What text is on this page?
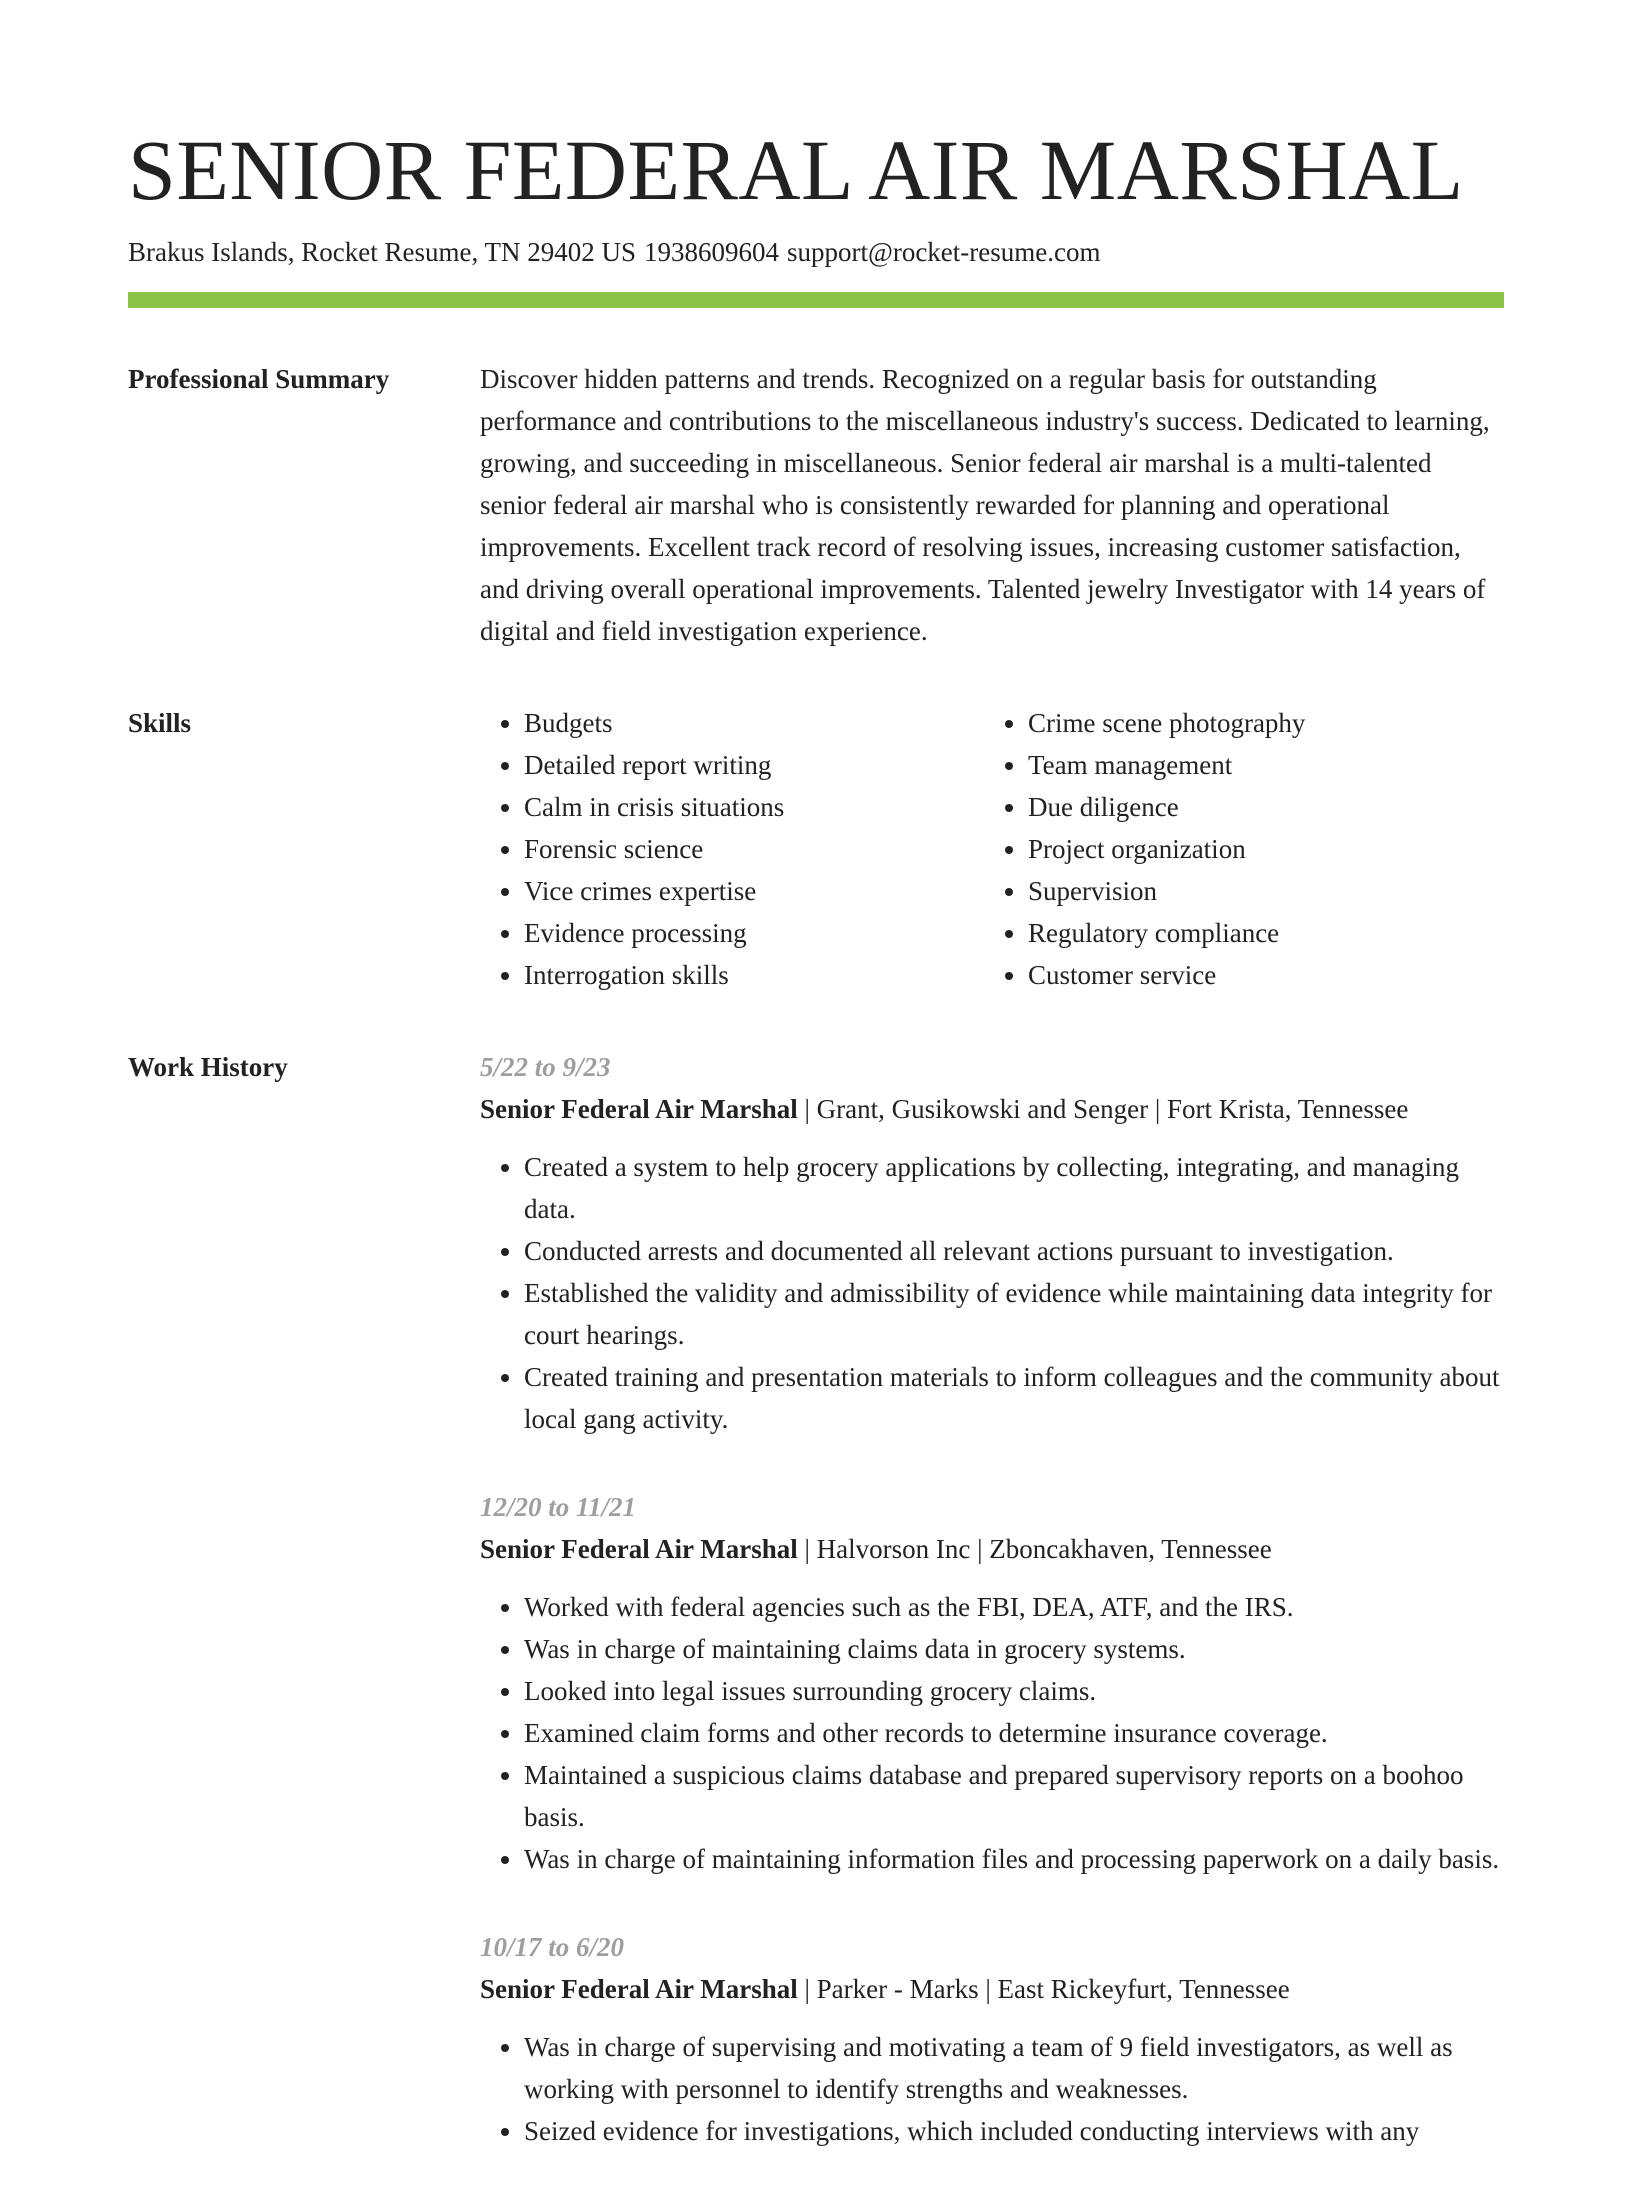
SENIOR FEDERAL AIR MARSHAL
Brakus Islands, Rocket Resume, TN 29402 US 1938609604 support@rocket-resume.com
Professional Summary	Discover hidden patterns and trends. Recognized on a regular basis for outstanding performance and contributions to the miscellaneous industry's success. Dedicated to learning, growing, and succeeding in miscellaneous. Senior federal air marshal is a multi-talented senior federal air marshal who is consistently rewarded for planning and operational improvements. Excellent track record of resolving issues, increasing customer satisfaction, and driving overall operational improvements. Talented jewelry Investigator with 14 years of digital and field investigation experience.

Skills
•	Budgets
• Detailed report writing
• Calm in crisis situations
• Forensic science
• Vice crimes expertise
• Evidence processing
• Interrogation skills
• Crime scene photography
• Team management
• Due diligence
• Project organization
• Supervision
• Regulatory compliance
• Customer service
Work History	5/22 to 9/23
Senior Federal Air Marshal | Grant, Gusikowski and Senger | Fort Krista, Tennessee
• Created a system to help grocery applications by collecting, integrating, and managing data.
• Conducted arrests and documented all relevant actions pursuant to investigation.
• Established the validity and admissibility of evidence while maintaining data integrity for court hearings.
• Created training and presentation materials to inform colleagues and the community about local gang activity.
12/20 to 11/21
Senior Federal Air Marshal | Halvorson Inc | Zboncakhaven, Tennessee
• Worked with federal agencies such as the FBI, DEA, ATF, and the IRS.
• Was in charge of maintaining claims data in grocery systems.
• Looked into legal issues surrounding grocery claims.
• Examined claim forms and other records to determine insurance coverage.
• Maintained a suspicious claims database and prepared supervisory reports on a boohoo basis.
• Was in charge of maintaining information files and processing paperwork on a daily basis.
10/17 to 6/20
Senior Federal Air Marshal | Parker - Marks | East Rickeyfurt, Tennessee
• Was in charge of supervising and motivating a team of 9 field investigators, as well as working with personnel to identify strengths and weaknesses.
• Seized evidence for investigations, which included conducting interviews with any
